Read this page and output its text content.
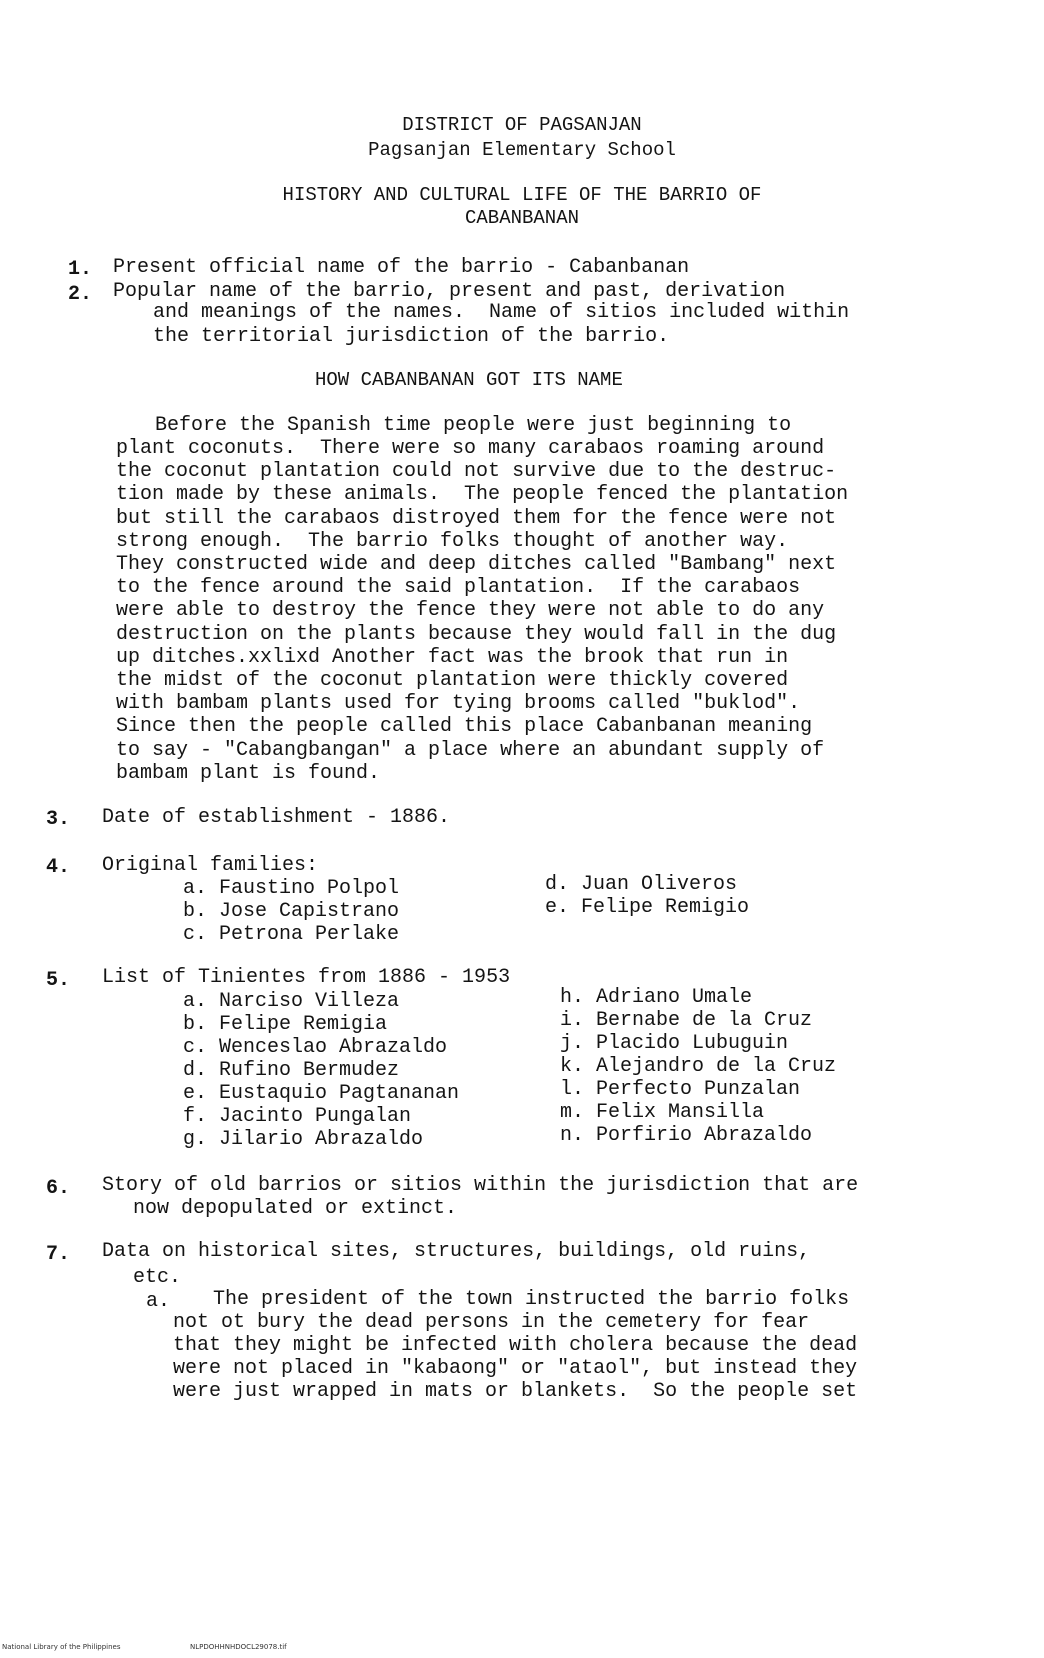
DISTRICT OF PAGSANJAN
Pagsanjan Elementary School
HISTORY AND CULTURAL LIFE OF THE BARRIO OF
CABANBANAN
1. Present official name of the barrio - Cabanbanan
2. Popular name of the barrio, present and past, derivation
and meanings of the names.  Name of sitios included within
the territorial jurisdiction of the barrio.
HOW CABANBANAN GOT ITS NAME
Before the Spanish time people were just beginning to
plant coconuts.  There were so many carabaos roaming around
the coconut plantation could not survive due to the destruc-
tion made by these animals.  The people fenced the plantation
but still the carabaos distroyed them for the fence were not
strong enough.  The barrio folks thought of another way.
They constructed wide and deep ditches called "Bambang" next
to the fence around the said plantation.  If the carabaos
were able to destroy the fence they were not able to do any
destruction on the plants because they would fall in the dug
up ditches.xxlixd Another fact was the brook that run in
the midst of the coconut plantation were thickly covered
with bambam plants used for tying brooms called "buklod".
Since then the people called this place Cabanbanan meaning
to say - "Cabangbangan" a place where an abundant supply of
bambam plant is found.
3. Date of establishment - 1886.
4. Original families:
a. Faustino Polpol
b. Jose Capistrano
c. Petrona Perlake
d. Juan Oliveros
e. Felipe Remigio
5. List of Tinientes from 1886 - 1953
a. Narciso Villeza
b. Felipe Remigia
c. Wenceslao Abrazaldo
d. Rufino Bermudez
e. Eustaquio Pagtananan
f. Jacinto Pungalan
g. Jilario Abrazaldo
h. Adriano Umale
i. Bernabe de la Cruz
j. Placido Lubuguin
k. Alejandro de la Cruz
l. Perfecto Punzalan
m. Felix Mansilla
n. Porfirio Abrazaldo
6. Story of old barrios or sitios within the jurisdiction that are
now depopulated or extinct.
7. Data on historical sites, structures, buildings, old ruins,
etc.
a. The president of the town instructed the barrio folks
not ot bury the dead persons in the cemetery for fear
that they might be infected with cholera because the dead
were not placed in "kabaong" or "ataol", but instead they
were just wrapped in mats or blankets.  So the people set
National Library of the Philippines	NLPDOHHNHDOCL29078.tif
